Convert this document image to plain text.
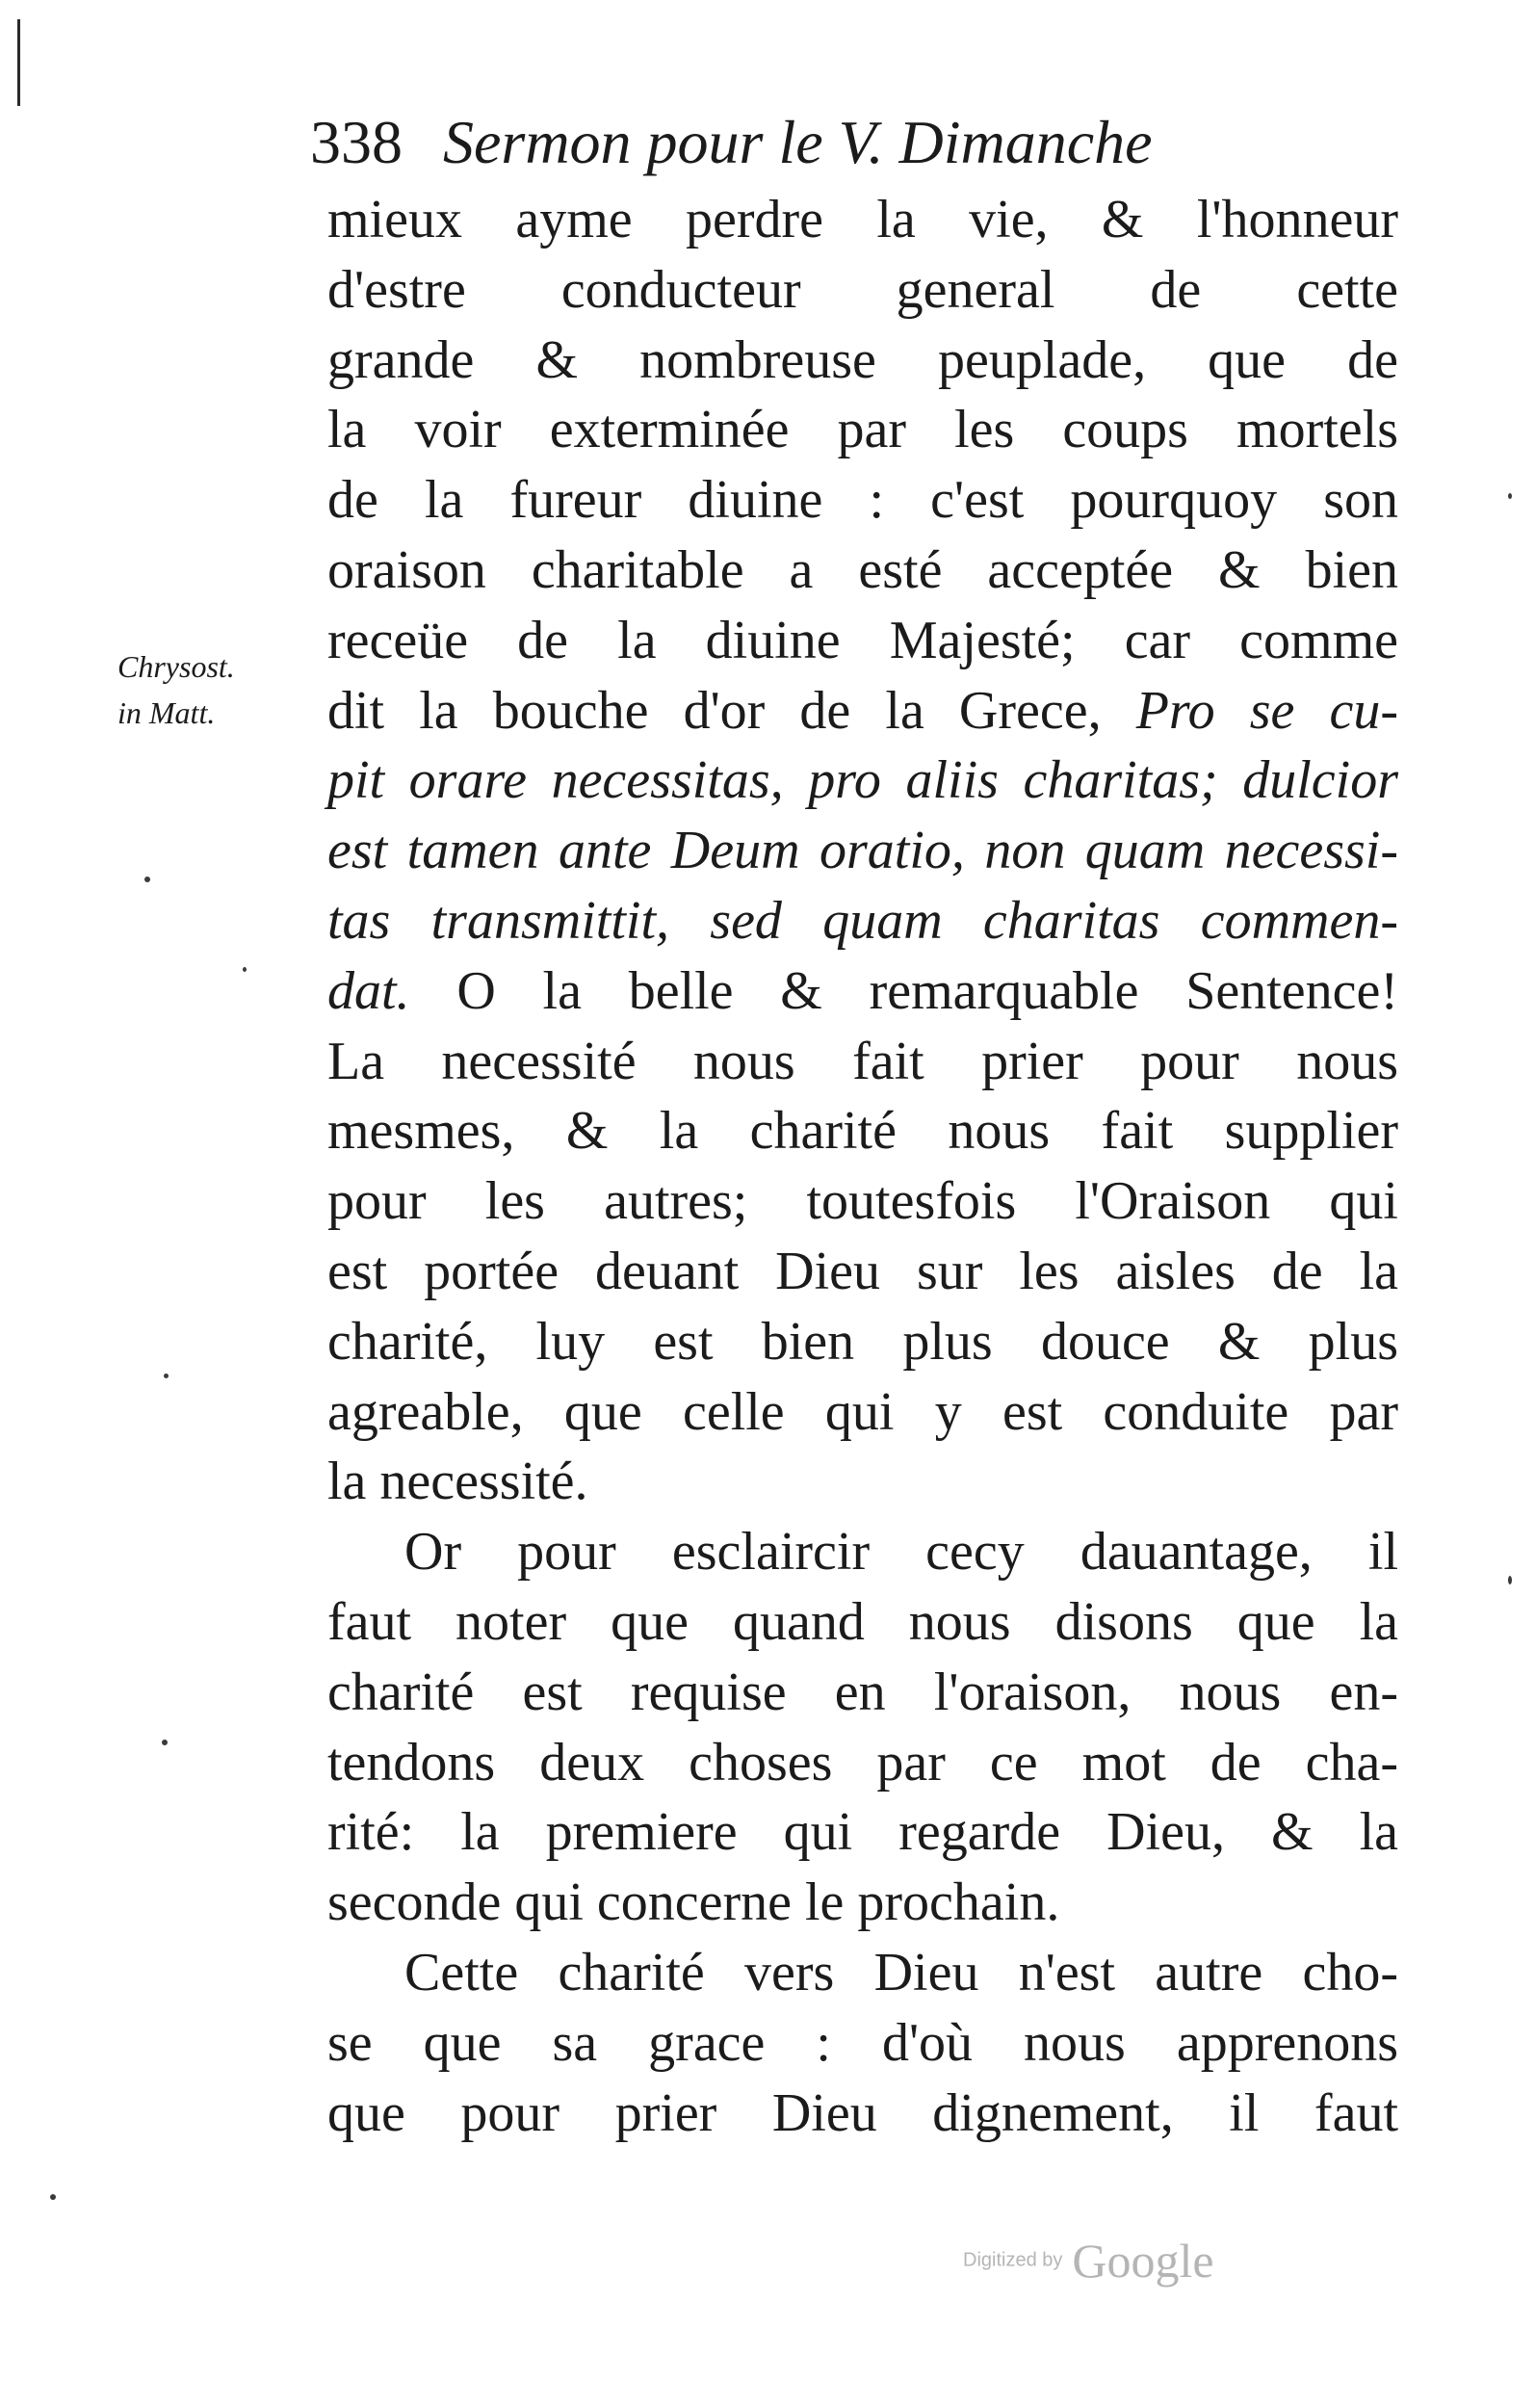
338 Sermon pour le V. Dimanche
Chrysost.
in Matt.
mieux ayme perdre la vie, & l'honneur
d'estre conducteur general de cette
grande & nombreuse peuplade, que de
la voir exterminée par les coups mortels
de la fureur diuine : c'est pourquoy son
oraison charitable a esté acceptée & bien
receüe de la diuine Majesté; car comme
dit la bouche d'or de la Grece, Pro se cu-
pit orare necessitas, pro aliis charitas; dulcior
est tamen ante Deum oratio, non quam necessi-
tas transmittit, sed quam charitas commen-
dat. O la belle & remarquable Sentence!
La necessité nous fait prier pour nous
mesmes, & la charité nous fait supplier
pour les autres; toutesfois l'Oraison qui
est portée deuant Dieu sur les aisles de la
charité, luy est bien plus douce & plus
agreable, que celle qui y est conduite par
la necessité.
Or pour esclaircir cecy dauantage, il
faut noter que quand nous disons que la
charité est requise en l'oraison, nous en-
tendons deux choses par ce mot de cha-
rité: la premiere qui regarde Dieu, & la
seconde qui concerne le prochain.
Cette charité vers Dieu n'est autre cho-
se que sa grace : d'où nous apprenons
que pour prier Dieu dignement, il faut
Digitized by Google
